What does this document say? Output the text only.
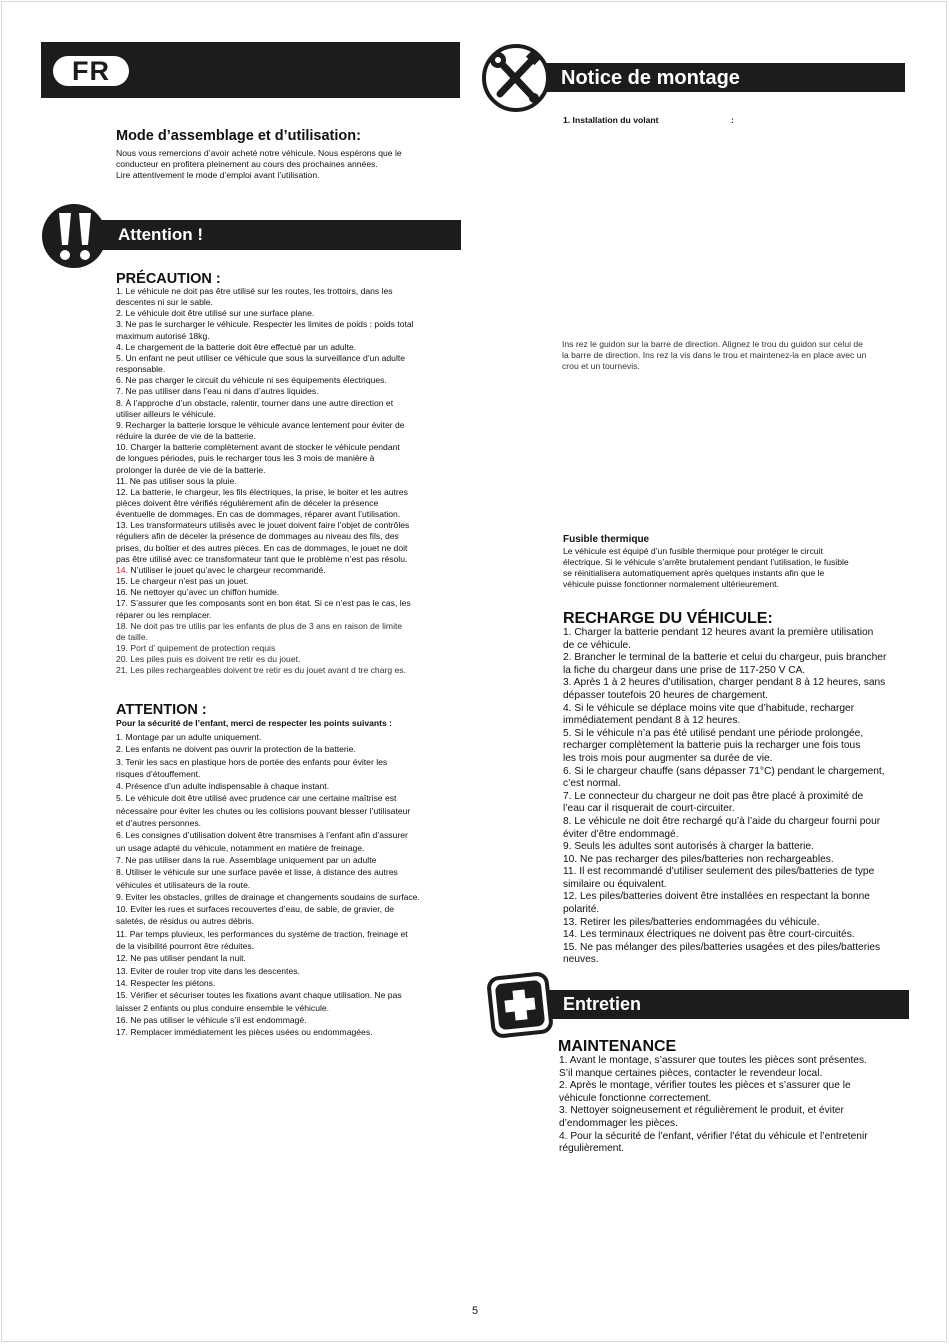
FR	Notice de montage
1. Installation du volant	:

Ins rez le guidon sur la barre de direction. Alignez le trou du guidon sur celui de

la barre de direction. Ins rez la vis dans le trou et maintenez-la en place avec un

crou et un tournevis.

Mode d’assemblage et d’utilisation:

Nous vous remercions d’avoir acheté notre véhicule. Nous espérons que le

conducteur en profitera pleinement au cours des prochaines années.

Lire attentivement le mode d’emploi avant l’utilisation.

Attention !
PRÉCAUTION :

1. Le véhicule ne doit pas être utilisé sur les routes, les trottoirs, dans les

descentes ni sur le sable.

2. Le véhicule doit être utilisé sur une surface plane.

3. Ne pas le surcharger le véhicule. Respecter les limites de poids : poids total

maximum autorisé 18kg.

4. Le chargement de la batterie doit être effectué par un adulte.

5. Un enfant ne peut utiliser ce véhicule que sous la surveillance d’un adulte

responsable.

6. Ne pas charger le circuit du véhicule ni ses équipements électriques.

7. Ne pas utiliser dans l’eau ni dans d’autres liquides.

8. À l’approche d’un obstacle, ralentir, tourner dans une autre direction et

utiliser ailleurs le véhicule.

9. Recharger la batterie lorsque le véhicule avance lentement pour éviter de

réduire la durée de vie de la batterie.

10. Charger la batterie complètement avant de stocker le véhicule pendant

de longues périodes, puis le recharger tous les 3 mois de manière à

prolonger la durée de vie de la batterie.

11. Ne pas utiliser sous la pluie.

12. La batterie, le chargeur, les fils électriques, la prise, le boiter et les autres

pièces doivent être vérifiés régulièrement afin de déceler la présence

éventuelle de dommages. En cas de dommages, réparer avant l’utilisation.

13. Les transformateurs utilisés avec le jouet doivent faire l’objet de contrôles

réguliers afin de déceler la présence de dommages au niveau des fils, des

prises, du boîtier et des autres pièces. En cas de dommages, le jouet ne doit

pas être utilisé avec ce transformateur tant que le problème n’est pas résolu.

14. N’utiliser le jouet qu’avec le chargeur recommandé.

15. Le chargeur n’est pas un jouet.

16. Ne nettoyer qu’avec un chiffon humide.

17. S’assurer que les composants sont en bon état. Si ce n’est pas le cas, les

réparer ou les remplacer.

18. Ne doit pas tre utilis par les enfants de plus de 3 ans en raison de limite

de taille.

19. Port d’ quipement de protection requis

20. Les piles puis es doivent tre retir es du jouet.

21. Les piles rechargeables doivent tre retir es du jouet avant d tre charg es.

ATTENTION :
Pour la sécurité de l’enfant, merci de respecter les points suivants :

1. Montage par un adulte uniquement.

2. Les enfants ne doivent pas ouvrir la protection de la batterie.

3. Tenir les sacs en plastique hors de portée des enfants pour éviter les

risques d’étouffement.

4. Présence d’un adulte indispensable à chaque instant.

5. Le véhicule doit être utilisé avec prudence car une certaine maîtrise est

nécessaire pour éviter les chutes ou les collisions pouvant blesser l’utilisateur

et d’autres personnes.

6. Les consignes d’utilisation doivent être transmises à l’enfant afin d’assurer

un usage adapté du véhicule, notamment en matière de freinage.

7. Ne pas utiliser dans la rue. Assemblage uniquement par un adulte

8. Utiliser le véhicule sur une surface pavée et lisse, à distance des autres

véhicules et utilisateurs de la route.

9. Eviter les obstacles, grilles de drainage et changements soudains de surface.

10. Eviter les rues et surfaces recouvertes d’eau, de sable, de gravier, de

saletés, de résidus ou autres débris.

11. Par temps pluvieux, les performances du système de traction, freinage et

de la visibilité pourront être réduites.

12. Ne pas utiliser pendant la nuit.

13. Eviter de rouler trop vite dans les descentes.

14. Respecter les piétons.

15. Vérifier et sécuriser toutes les fixations avant chaque utilisation. Ne pas

laisser 2 enfants ou plus conduire ensemble le véhicule.

16. Ne pas utiliser le véhicule s’il est endommagé.

17. Remplacer immédiatement les pièces usées ou endommagées.

Fusible thermique

Le véhicule est équipé d’un fusible thermique pour protéger le circuit

électrique. Si le véhicule s’arrête brutalement pendant l’utilisation, le fusible

se réinitialisera automatiquement après quelques instants afin que le

véhicule puisse fonctionner normalement ultérieurement.

RECHARGE DU VÉHICULE:

1. Charger la batterie pendant 12 heures avant la première utilisation

de ce véhicule.

2. Brancher le terminal de la batterie et celui du chargeur, puis brancher

la fiche du chargeur dans une prise de 117-250 V CA.

3. Après 1 à 2 heures d’utilisation, charger pendant 8 à 12 heures, sans

dépasser toutefois 20 heures de chargement.

4. Si le véhicule se déplace moins vite que d’habitude, recharger

immédiatement pendant 8 à 12 heures.

5. Si le véhicule n’a pas été utilisé pendant une période prolongée,

recharger complètement la batterie puis la recharger une fois tous

les trois mois pour augmenter sa durée de vie.

6. Si le chargeur chauffe (sans dépasser 71°C) pendant le chargement,

c’est normal.

7. Le connecteur du chargeur ne doit pas être placé à proximité de

l’eau car il risquerait de court-circuiter.

8. Le véhicule ne doit être rechargé qu’à l’aide du chargeur fourni pour

éviter d’être endommagé.

9. Seuls les adultes sont autorisés à charger la batterie.

10. Ne pas recharger des piles/batteries non rechargeables.

11. Il est recommandé d’utiliser seulement des piles/batteries de type

similaire ou équivalent.

12. Les piles/batteries doivent être installées en respectant la bonne

polarité.

13. Retirer les piles/batteries endommagées du véhicule.

14. Les terminaux électriques ne doivent pas être court-circuités.

15. Ne pas mélanger des piles/batteries usagées et des piles/batteries

neuves.

Entretien
MAINTENANCE

1. Avant le montage, s’assurer que toutes les pièces sont présentes.

S’il manque certaines pièces, contacter le revendeur local.

2. Après le montage, vérifier toutes les pièces et s’assurer que le

véhicule fonctionne correctement.

3. Nettoyer soigneusement et régulièrement le produit, et éviter

d’endommager les pièces.

4. Pour la sécurité de l’enfant, vérifier l’état du véhicule et l’entretenir

régulièrement.

5
